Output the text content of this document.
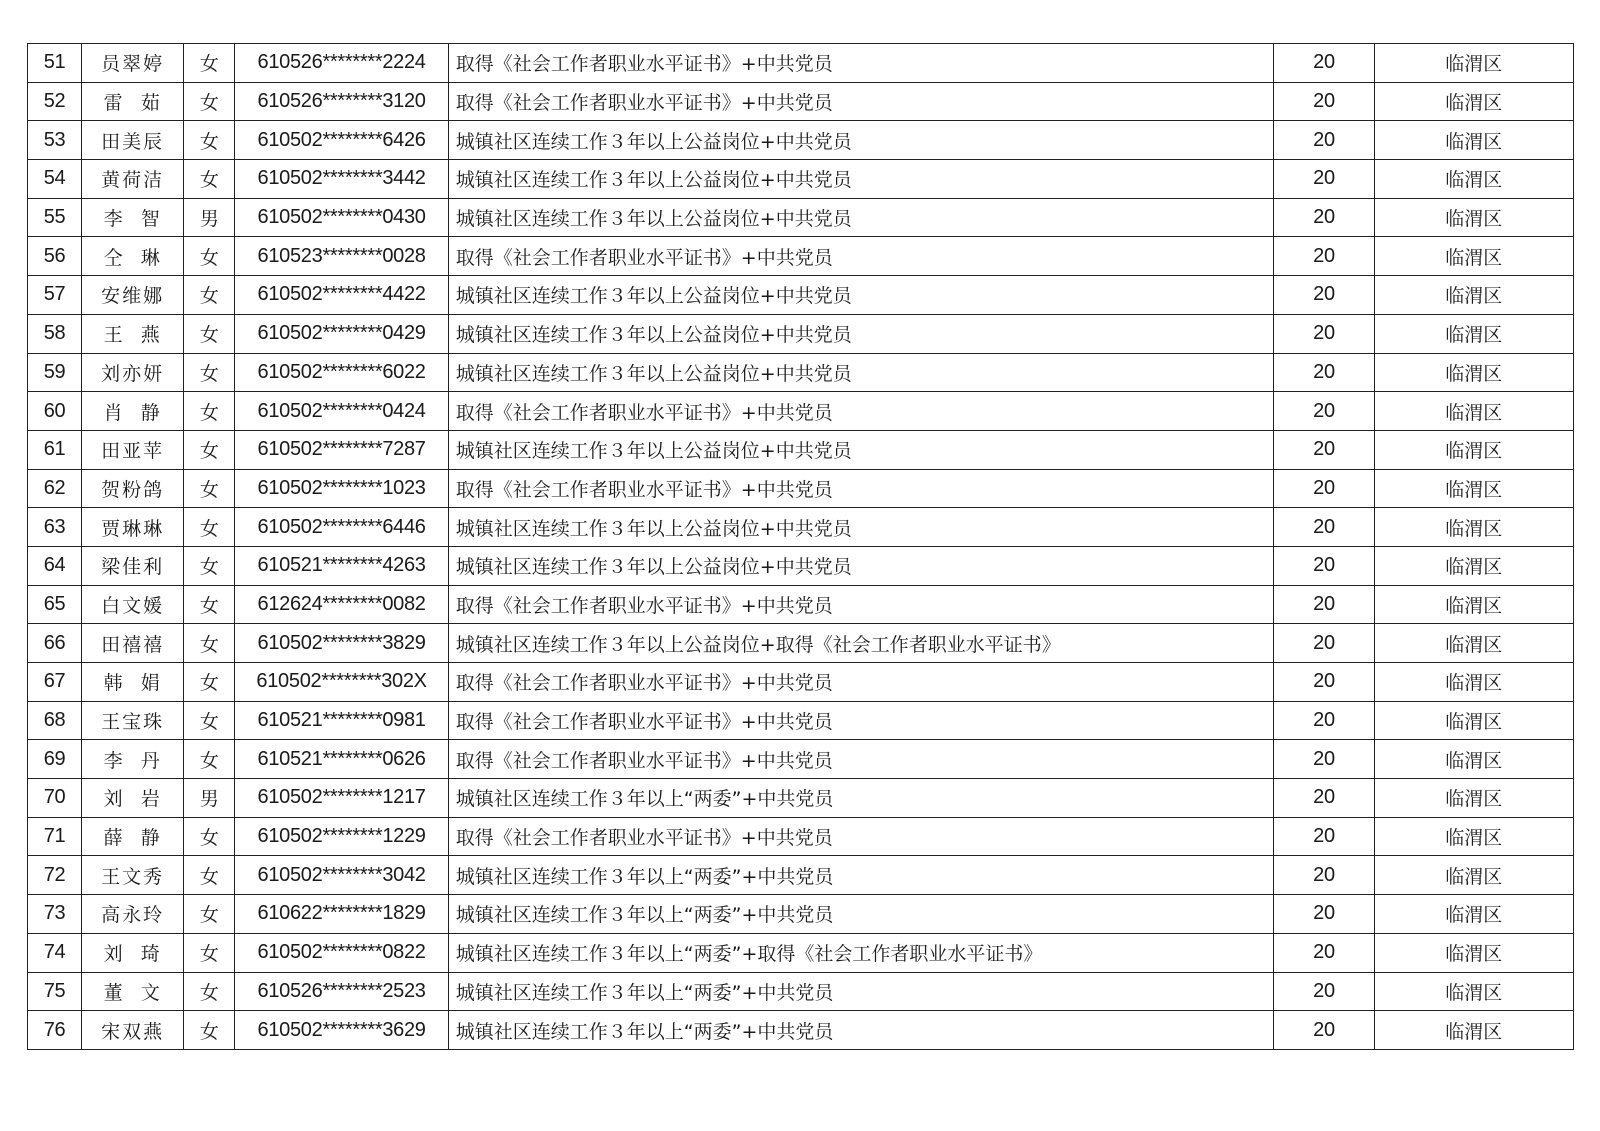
51	员翠婷	女	610526********2224	取得《社会工作者职业水平证书》+中共党员	20	临渭区
52	雷  茹	女	610526********3120	取得《社会工作者职业水平证书》+中共党员	20	临渭区
53	田美辰	女	610502********6426	城镇社区连续工作３年以上公益岗位+中共党员	20	临渭区
54	黄荷洁	女	610502********3442	城镇社区连续工作３年以上公益岗位+中共党员	20	临渭区
55	李  智	男	610502********0430	城镇社区连续工作３年以上公益岗位+中共党员	20	临渭区
56	仝  琳	女	610523********0028	取得《社会工作者职业水平证书》+中共党员	20	临渭区
57	安维娜	女	610502********4422	城镇社区连续工作３年以上公益岗位+中共党员	20	临渭区
58	王  燕	女	610502********0429	城镇社区连续工作３年以上公益岗位+中共党员	20	临渭区
59	刘亦妍	女	610502********6022	城镇社区连续工作３年以上公益岗位+中共党员	20	临渭区
60	肖  静	女	610502********0424	取得《社会工作者职业水平证书》+中共党员	20	临渭区
61	田亚苹	女	610502********7287	城镇社区连续工作３年以上公益岗位+中共党员	20	临渭区
62	贺粉鸽	女	610502********1023	取得《社会工作者职业水平证书》+中共党员	20	临渭区
63	贾琳琳	女	610502********6446	城镇社区连续工作３年以上公益岗位+中共党员	20	临渭区
64	梁佳利	女	610521********4263	城镇社区连续工作３年以上公益岗位+中共党员	20	临渭区
65	白文媛	女	612624********0082	取得《社会工作者职业水平证书》+中共党员	20	临渭区
66	田禧禧	女	610502********3829	城镇社区连续工作３年以上公益岗位+取得《社会工作者职业水平证书》	20	临渭区
67	韩  娟	女	610502********302X	取得《社会工作者职业水平证书》+中共党员	20	临渭区
68	王宝珠	女	610521********0981	取得《社会工作者职业水平证书》+中共党员	20	临渭区
69	李  丹	女	610521********0626	取得《社会工作者职业水平证书》+中共党员	20	临渭区
70	刘  岩	男	610502********1217	城镇社区连续工作３年以上“两委”+中共党员	20	临渭区
71	薛  静	女	610502********1229	取得《社会工作者职业水平证书》+中共党员	20	临渭区
72	王文秀	女	610502********3042	城镇社区连续工作３年以上“两委”+中共党员	20	临渭区
73	高永玲	女	610622********1829	城镇社区连续工作３年以上“两委”+中共党员	20	临渭区
74	刘  琦	女	610502********0822	城镇社区连续工作３年以上“两委”+取得《社会工作者职业水平证书》	20	临渭区
75	董  文	女	610526********2523	城镇社区连续工作３年以上“两委”+中共党员	20	临渭区
76	宋双燕	女	610502********3629	城镇社区连续工作３年以上“两委”+中共党员	20	临渭区
